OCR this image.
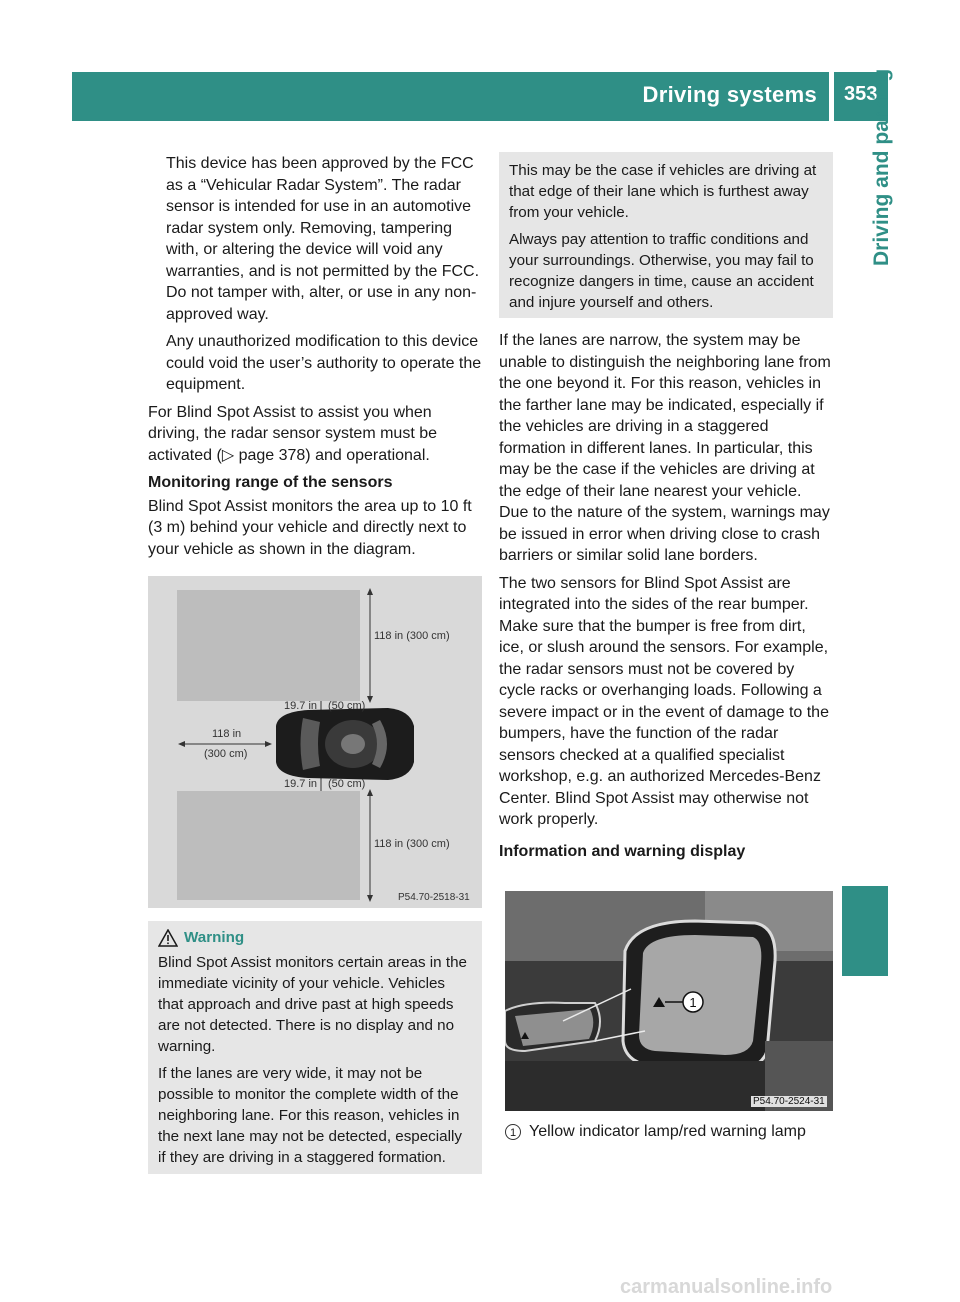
Driving systems 353
Driving and parking

This device has been approved by the FCC as a “Vehicular Radar System”. The radar sensor is intended for use in an automotive radar system only. Removing, tampering with, or altering the device will void any warranties, and is not permitted by the FCC. Do not tamper with, alter, or use in any non-approved way.

Any unauthorized modification to this device could void the user’s authority to operate the equipment.

For Blind Spot Assist to assist you when driving, the radar sensor system must be activated (▷ page 378) and operational.

Monitoring range of the sensors

Blind Spot Assist monitors the area up to 10 ft (3 m) behind your vehicle and directly next to your vehicle as shown in the diagram.

118 in (300 cm)
19.7 in (50 cm)
118 in
(300 cm)
19.7 in (50 cm)
118 in (300 cm)
P54.70-2518-31
Warning

Blind Spot Assist monitors certain areas in the immediate vicinity of your vehicle. Vehicles that approach and drive past at high speeds are not detected. There is no display and no warning.

If the lanes are very wide, it may not be possible to monitor the complete width of the neighboring lane. For this reason, vehicles in the next lane may not be detected, especially if they are driving in a staggered formation.

This may be the case if vehicles are driving at that edge of their lane which is furthest away from your vehicle.

Always pay attention to traffic conditions and your surroundings. Otherwise, you may fail to recognize dangers in time, cause an accident and injure yourself and others.

If the lanes are narrow, the system may be unable to distinguish the neighboring lane from the one beyond it. For this reason, vehicles in the farther lane may be indicated, especially if the vehicles are driving in a staggered formation in different lanes. In particular, this may be the case if the vehicles are driving at the edge of their lane nearest your vehicle. Due to the nature of the system, warnings may be issued in error when driving close to crash barriers or similar solid lane borders.

The two sensors for Blind Spot Assist are integrated into the sides of the rear bumper. Make sure that the bumper is free from dirt, ice, or slush around the sensors. For example, the radar sensors must not be covered by cycle racks or overhanging loads. Following a severe impact or in the event of damage to the bumpers, have the function of the radar sensors checked at a qualified specialist workshop, e.g. an authorized Mercedes-Benz Center. Blind Spot Assist may otherwise not work properly.

Information and warning display

1
P54.70-2524-31
1 Yellow indicator lamp/red warning lamp
carmanualsonline.info
